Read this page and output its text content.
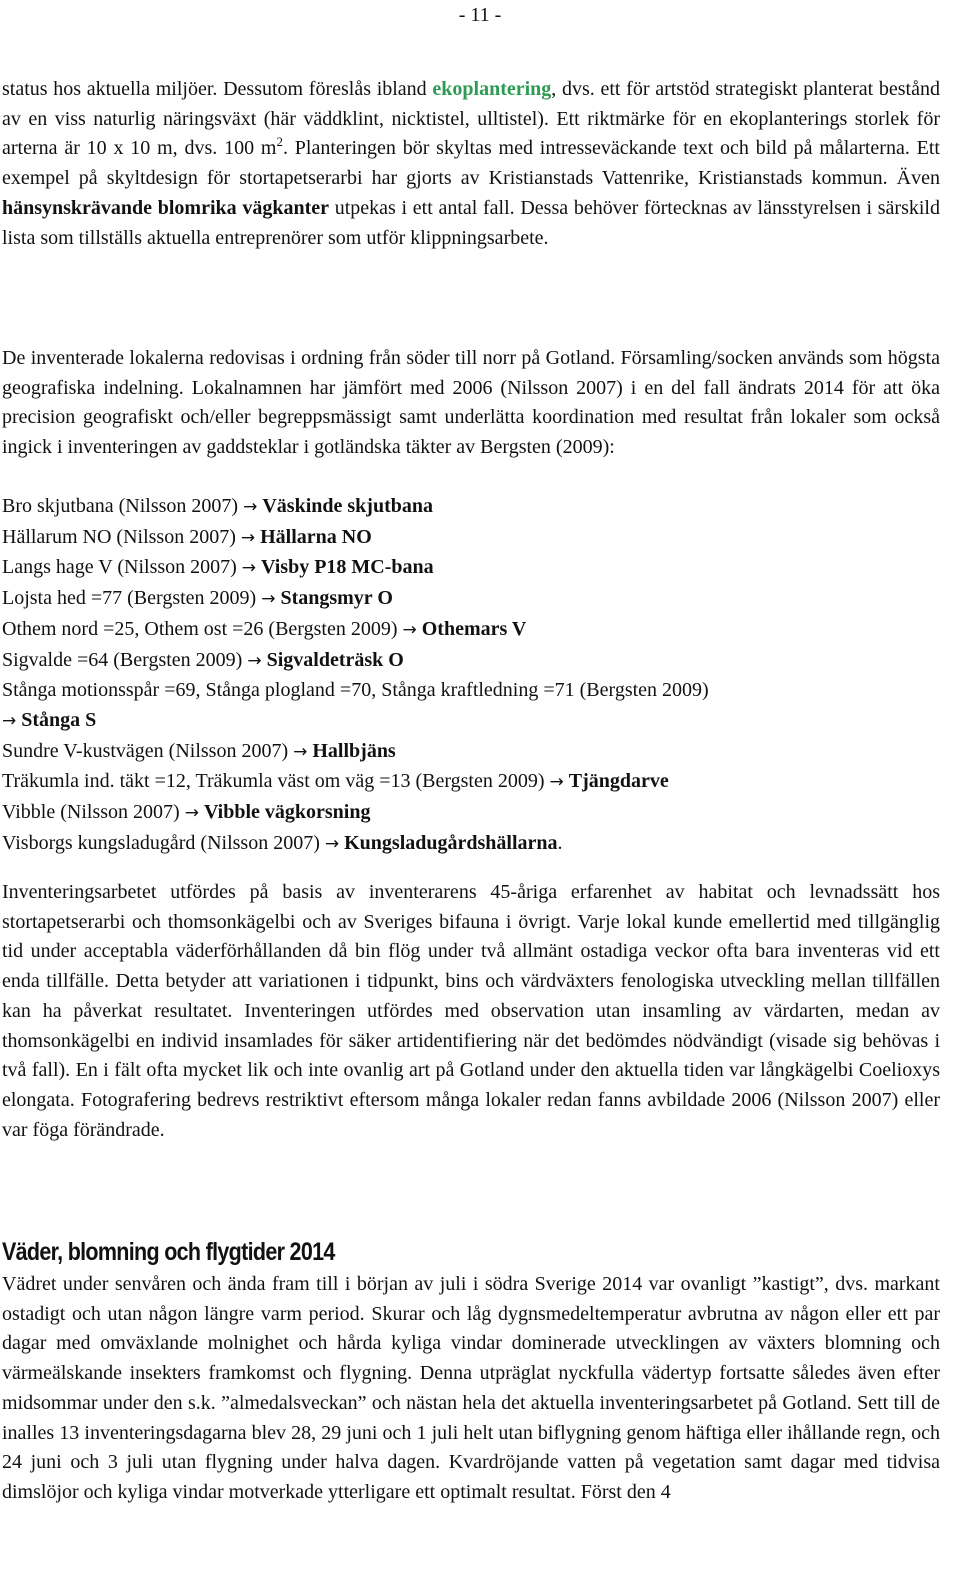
- 11 -

status hos aktuella miljöer. Dessutom föreslås ibland ekoplantering, dvs. ett för artstöd strategiskt planterat bestånd av en viss naturlig näringsväxt (här väddklint, nicktistel, ulltistel). Ett riktmärke för en ekoplanterings storlek för arterna är 10 x 10 m, dvs. 100 $m^2$. Planteringen bör skyltas med intresseväckande text och bild på målarterna. Ett exempel på skyltdesign för stortapetserarbi har gjorts av Kristianstads Vattenrike, Kristianstads kommun. Även hänsynskrävande blomrika vägkanter utpekas i ett antal fall. Dessa behöver förtecknas av länsstyrelsen i särskild lista som tillställs aktuella entreprenörer som utför klippningsarbete.

De inventerade lokalerna redovisas i ordning från söder till norr på Gotland. Församling/socken används som högsta geografiska indelning. Lokalnamnen har jämfört med 2006 (Nilsson 2007) i en del fall ändrats 2014 för att öka precision geografiskt och/eller begreppsmässigt samt underlätta koordination med resultat från lokaler som också ingick i inventeringen av gaddsteklar i gotländska täkter av Bergsten (2009):

Bro skjutbana (Nilsson 2007) → Väskinde skjutbana
Hällarum NO (Nilsson 2007) → Hällarna NO
Langs hage V (Nilsson 2007) → Visby P18 MC-bana
Lojsta hed =77 (Bergsten 2009) → Stangsmyr O
Othem nord =25, Othem ost =26 (Bergsten 2009) → Othemars V
Sigvalde =64 (Bergsten 2009) → Sigvaldeträsk O
Stånga motionsspår =69, Stånga plogland =70, Stånga kraftledning =71 (Bergsten 2009)
→ Stånga S
Sundre V-kustvägen (Nilsson 2007) → Hallbjäns
Träkumla ind. täkt =12, Träkumla väst om väg =13 (Bergsten 2009) → Tjängdarve
Vibble (Nilsson 2007) → Vibble vägkorsning
Visborgs kungsladugård (Nilsson 2007) → Kungsladugårdshällarna.

Inventeringsarbetet utfördes på basis av inventerarens 45-åriga erfarenhet av habitat och levnadssätt hos stortapetserarbi och thomsonkägelbi och av Sveriges bifauna i övrigt. Varje lokal kunde emellertid med tillgänglig tid under acceptabla väderförhållanden då bin flög under två allmänt ostadiga veckor ofta bara inventeras vid ett enda tillfälle. Detta betyder att variationen i tidpunkt, bins och värdväxters fenologiska utveckling mellan tillfällen kan ha påverkat resultatet. Inventeringen utfördes med observation utan insamling av värdarten, medan av thomsonkägelbi en individ insamlades för säker artidentifiering när det bedömdes nödvändigt (visade sig behövas i två fall). En i fält ofta mycket lik och inte ovanlig art på Gotland under den aktuella tiden var långkägelbi Coelioxys elongata. Fotografering bedrevs restriktivt eftersom många lokaler redan fanns avbildade 2006 (Nilsson 2007) eller var föga förändrade.

Väder, blomning och flygtider 2014

Vädret under senvåren och ända fram till i början av juli i södra Sverige 2014 var ovanligt ”kastigt”, dvs. markant ostadigt och utan någon längre varm period. Skurar och låg dygnsmedeltemperatur avbrutna av någon eller ett par dagar med omväxlande molnighet och hårda kyliga vindar dominerade utvecklingen av växters blomning och värmeälskande insekters framkomst och flygning. Denna utpräglat nyckfulla vädertyp fortsatte således även efter midsommar under den s.k. ”almedalsveckan” och nästan hela det aktuella inventeringsarbetet på Gotland. Sett till de inalles 13 inventeringsdagarna blev 28, 29 juni och 1 juli helt utan biflygning genom häftiga eller ihållande regn, och 24 juni och 3 juli utan flygning under halva dagen. Kvardröjande vatten på vegetation samt dagar med tidvisa dimslöjor och kyliga vindar motverkade ytterligare ett optimalt resultat. Först den 4
